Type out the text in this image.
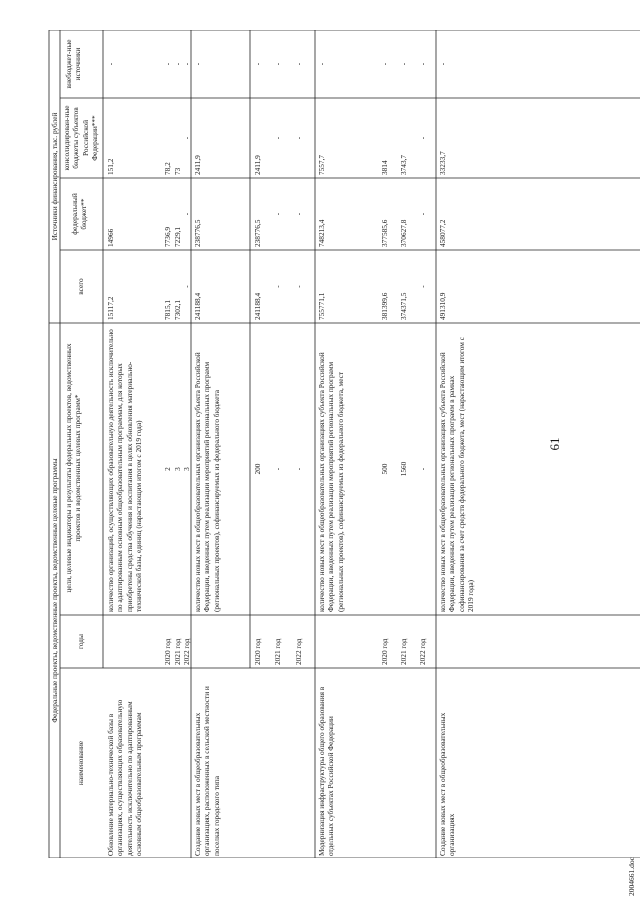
Федеральные проекты, ведомственные проекты, ведомственные целевые программы
Источники финансирования, тыс. рублей
наименование
годы
цели, целевые индикаторы и результаты федеральных проектов, ведомственных проектов и ведомственных целевых программ*
всего
федеральный бюджет**
консолидирован-ные бюджеты субъектов Российской Федерации***
внебюджет-ные источники
Обновление материально-технической базы в организациях, осуществляющих образовательную деятельность исключительно по адаптированным основным общеобразовательным программам
количество организаций, осуществляющих образовательную деятельность исключительно по адаптированным основным общеобразовательным программам, для которых приобретены средства обучения и воспитания в целях обновления материально-технической базы, единиц (нарастающим итогом с 2019 года)
15117,2
14966
151,2
-
2020 год
2
7815,1
7736,9
78,2
-
2021 год
3
7302,1
7229,1
73
-
2022 год
3
-
-
-
-
Создание новых мест в общеобразовательных организациях, расположенных в сельской местности и поселках городского типа
количество новых мест в общеобразовательных организациях субъекта Российской Федерации, введенных путем реализации мероприятий региональных программ (региональных проектов), софинансируемых из федерального бюджета
241188,4
238776,5
2411,9
-
2020 год
200
241188,4
238776,5
2411,9
-
2021 год
-
-
-
-
-
2022 год
-
-
-
-
-
Модернизация инфраструктуры общего образования в отдельных субъектах Российской Федерации
количество новых мест в общеобразовательных организациях субъекта Российской Федерации, введенных путем реализации мероприятий региональных программ (региональных проектов), софинансируемых из федерального бюджета, мест
755771,1
748213,4
7557,7
-
2020 год
500
381399,6
377585,6
3814
-
2021 год
1560
374371,5
370627,8
3743,7
-
2022 год
-
-
-
-
-
Создание новых мест в общеобразовательных организациях
количество новых мест в общеобразовательных организациях субъекта Российской Федерации, введенных путем реализации региональных программ в рамках софинансирования за счет средств федерального бюджета, мест (нарастающим итогом с 2019 года)
491310,9
458077,2
33233,7
-
61
2004661.doc
